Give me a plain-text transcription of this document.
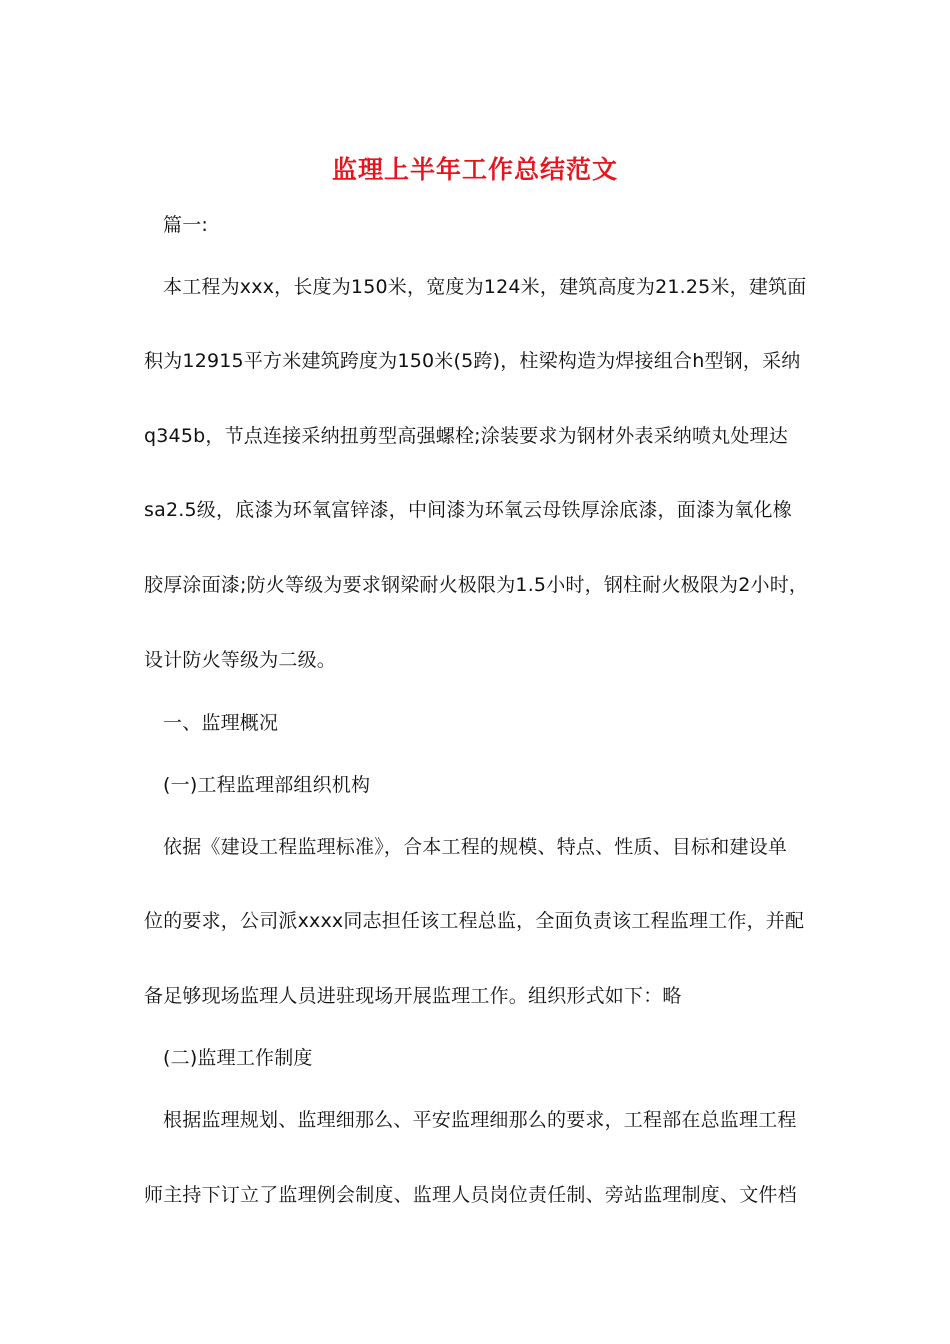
监理上半年工作总结范文
篇一:
本工程为xxx，长度为150米，宽度为124米，建筑高度为21.25米，建筑面
积为12915平方米建筑跨度为150米(5跨)，柱梁构造为焊接组合h型钢，采纳
q345b，节点连接采纳扭剪型高强螺栓;涂装要求为钢材外表采纳喷丸处理达
sa2.5级，底漆为环氧富锌漆，中间漆为环氧云母铁厚涂底漆，面漆为氧化橡
胶厚涂面漆;防火等级为要求钢梁耐火极限为1.5小时，钢柱耐火极限为2小时，
设计防火等级为二级。
一、监理概况
(一)工程监理部组织机构
依据《建设工程监理标准》，合本工程的规模、特点、性质、目标和建设单
位的要求，公司派xxxx同志担任该工程总监，全面负责该工程监理工作，并配
备足够现场监理人员进驻现场开展监理工作。组织形式如下：略
(二)监理工作制度
根据监理规划、监理细那么、平安监理细那么的要求，工程部在总监理工程
师主持下订立了监理例会制度、监理人员岗位责任制、旁站监理制度、文件档
